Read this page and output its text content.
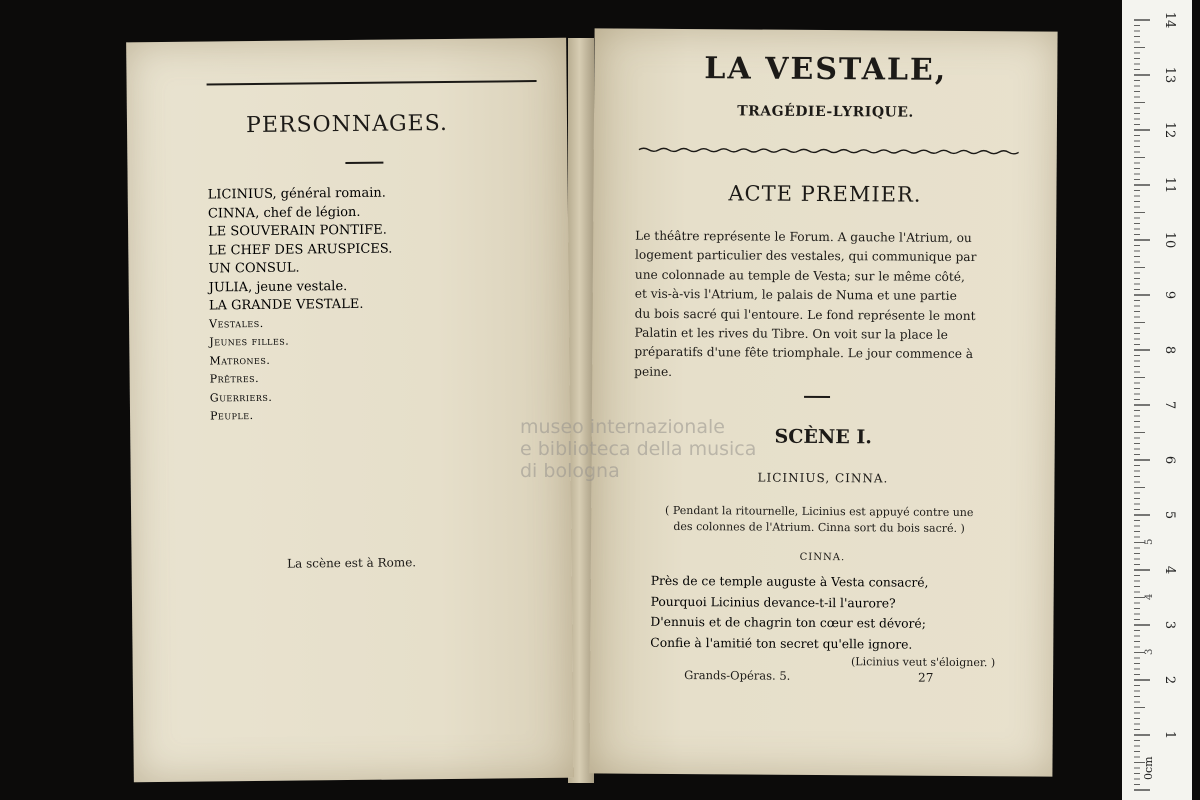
PERSONNAGES.
LICINIUS, général romain.
CINNA, chef de légion.
LE SOUVERAIN PONTIFE.
LE CHEF DES ARUSPICES.
UN CONSUL.
JULIA, jeune vestale.
LA GRANDE VESTALE.
Vestales.
Jeunes filles.
Matrones.
Prêtres.
Guerriers.
Peuple.
La scène est à Rome.
LA VESTALE,
TRAGÉDIE-LYRIQUE.
ACTE PREMIER.
Le théâtre représente le Forum. A gauche l'Atrium, ou
logement particulier des vestales, qui communique par
une colonnade au temple de Vesta; sur le même côté,
et vis-à-vis l'Atrium, le palais de Numa et une partie
du bois sacré qui l'entoure. Le fond représente le mont
Palatin et les rives du Tibre. On voit sur la place le
préparatifs d'une fête triomphale. Le jour commence à
peine.
SCÈNE I.
LICINIUS, CINNA.
( Pendant la ritournelle, Licinius est appuyé contre une
des colonnes de l'Atrium. Cinna sort du bois sacré. )
CINNA.
Près de ce temple auguste à Vesta consacré,
Pourquoi Licinius devance-t-il l'aurore?
D'ennuis et de chagrin ton cœur est dévoré;
Confie à l'amitié ton secret qu'elle ignore.
(Licinius veut s'éloigner. )
Grands-Opéras. 5.	27
museo internazionale
e biblioteca della musica
di bologna
14
13
12
11
10
9
8
7
6
5
4
3
2
1
0cm
3
4
5
